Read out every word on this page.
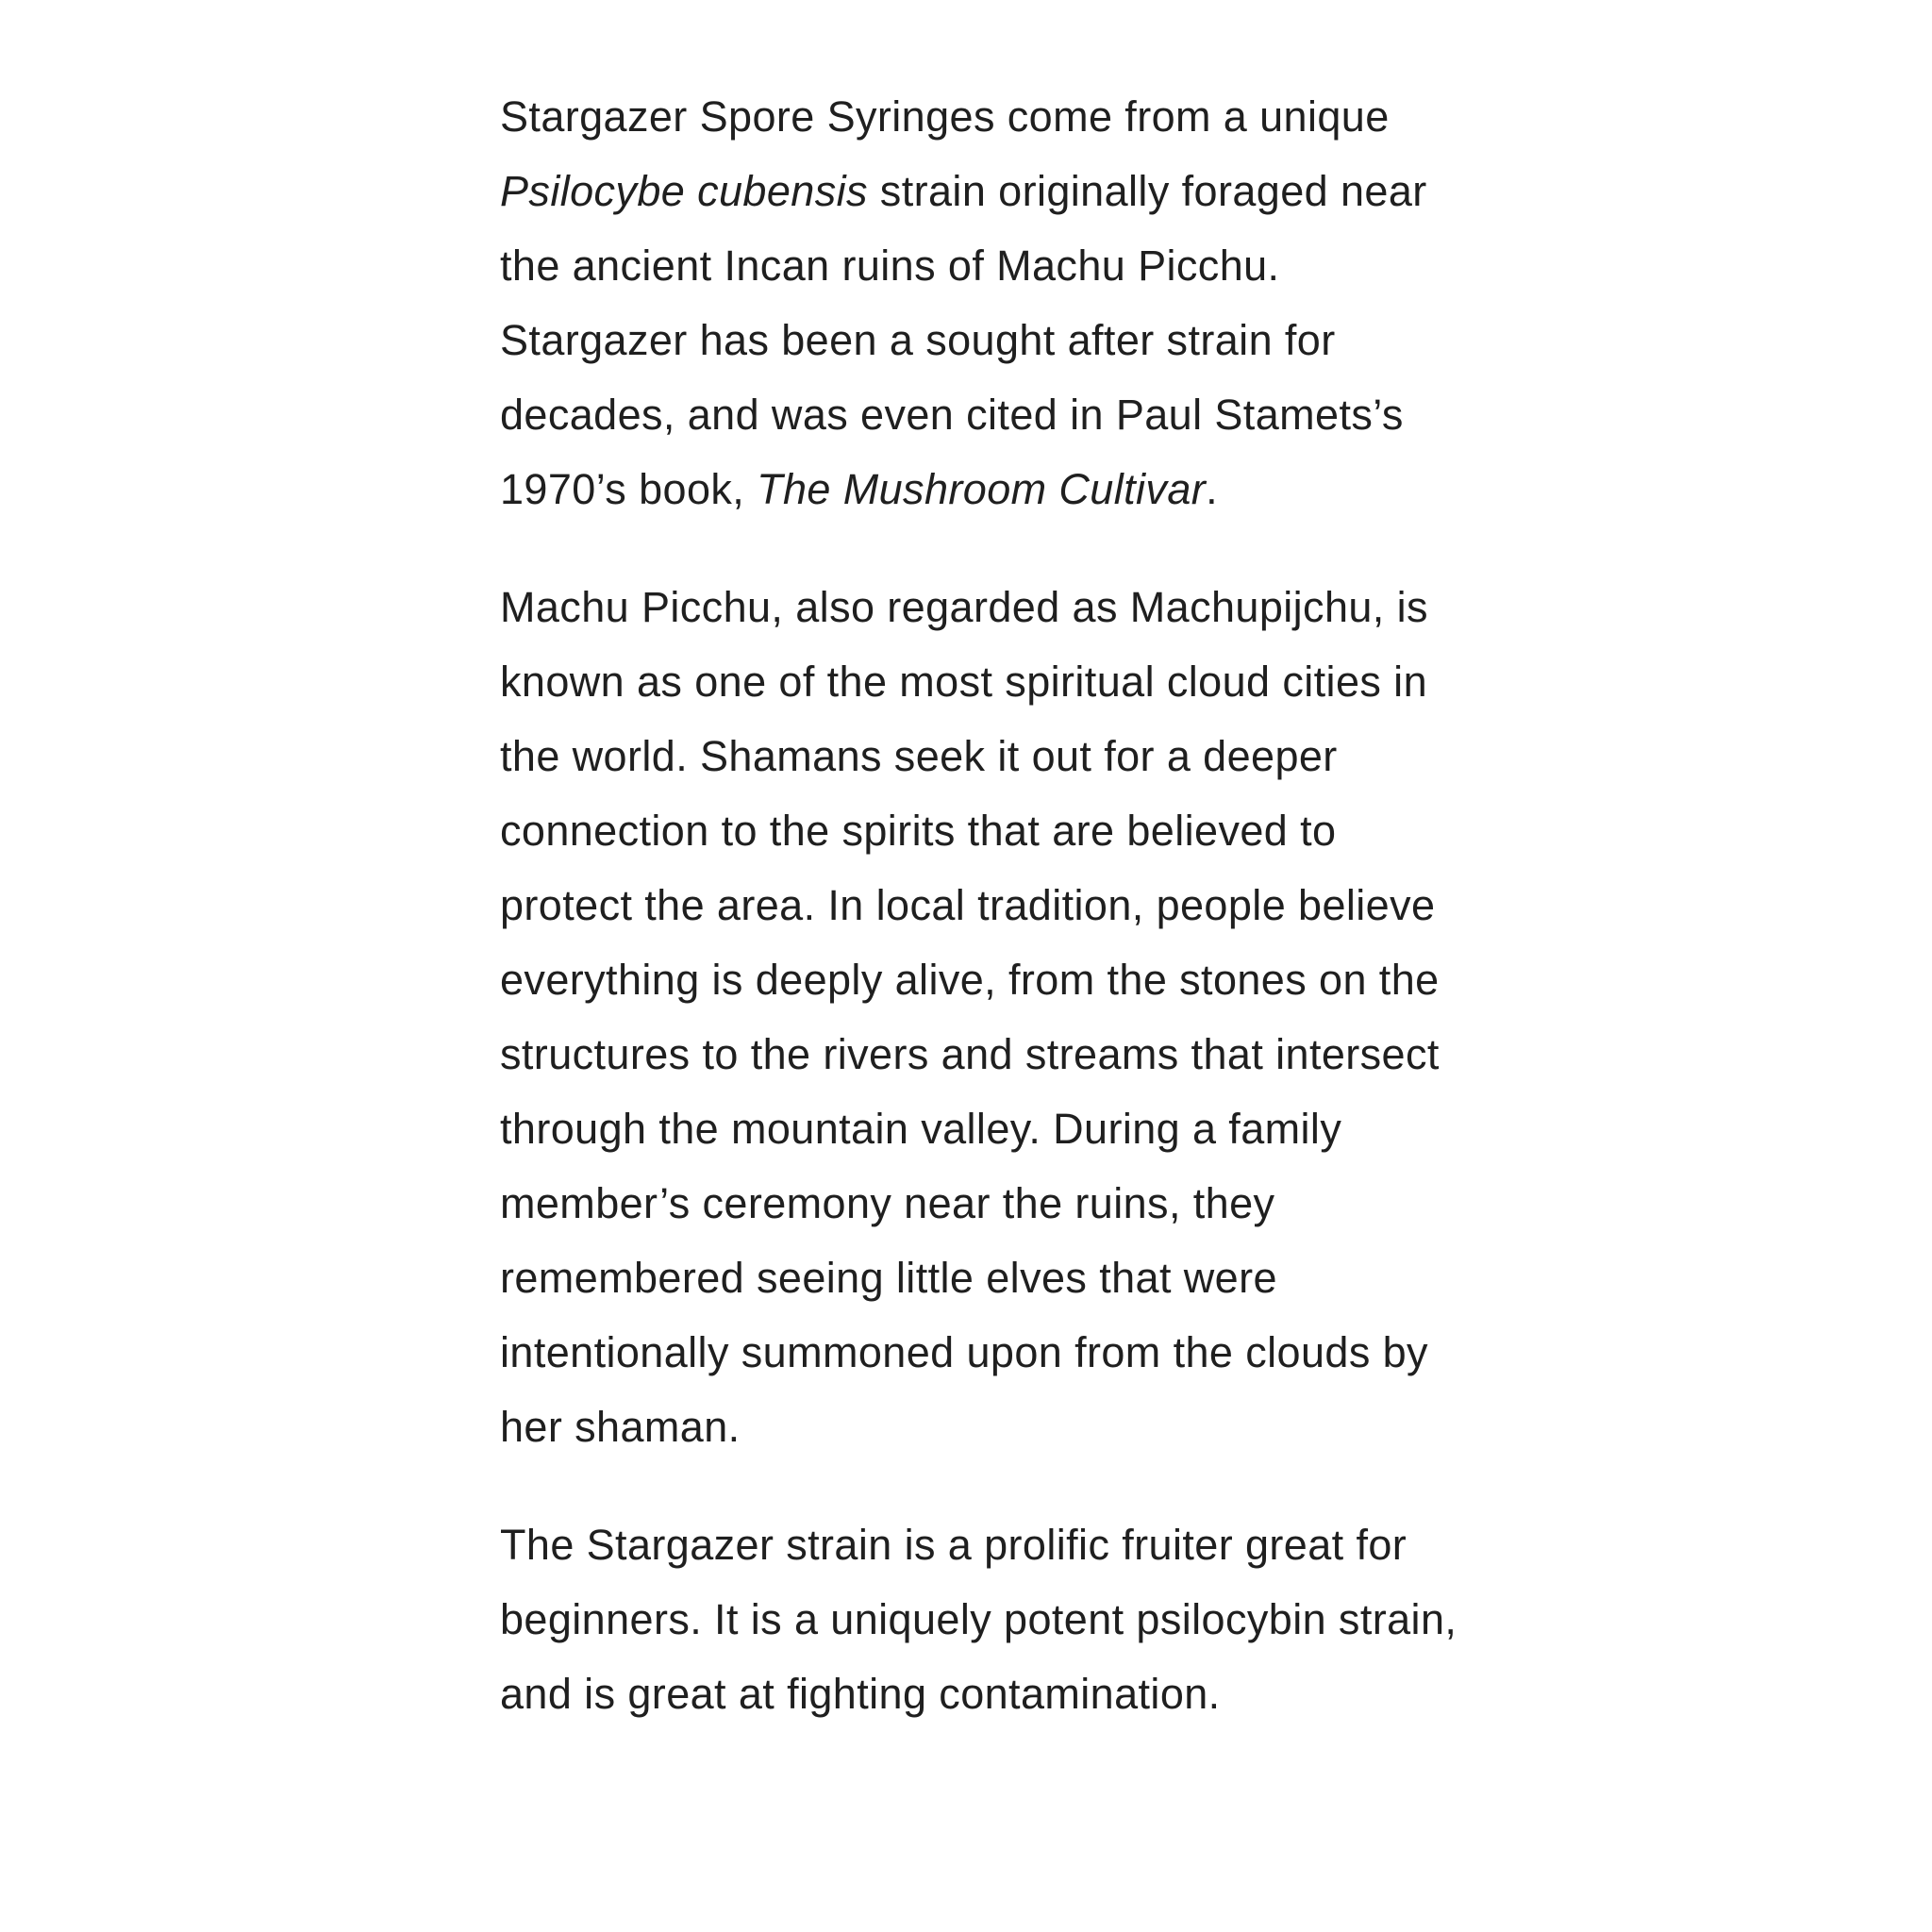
Stargazer Spore Syringes come from a unique Psilocybe cubensis strain originally foraged near the ancient Incan ruins of Machu Picchu. Stargazer has been a sought after strain for decades, and was even cited in Paul Stamets’s 1970’s book, The Mushroom Cultivar.

Machu Picchu, also regarded as Machupijchu, is known as one of the most spiritual cloud cities in the world. Shamans seek it out for a deeper connection to the spirits that are believed to protect the area. In local tradition, people believe everything is deeply alive, from the stones on the structures to the rivers and streams that intersect through the mountain valley. During a family member’s ceremony near the ruins, they remembered seeing little elves that were intentionally summoned upon from the clouds by her shaman.

The Stargazer strain is a prolific fruiter great for beginners. It is a uniquely potent psilocybin strain, and is great at fighting contamination.
